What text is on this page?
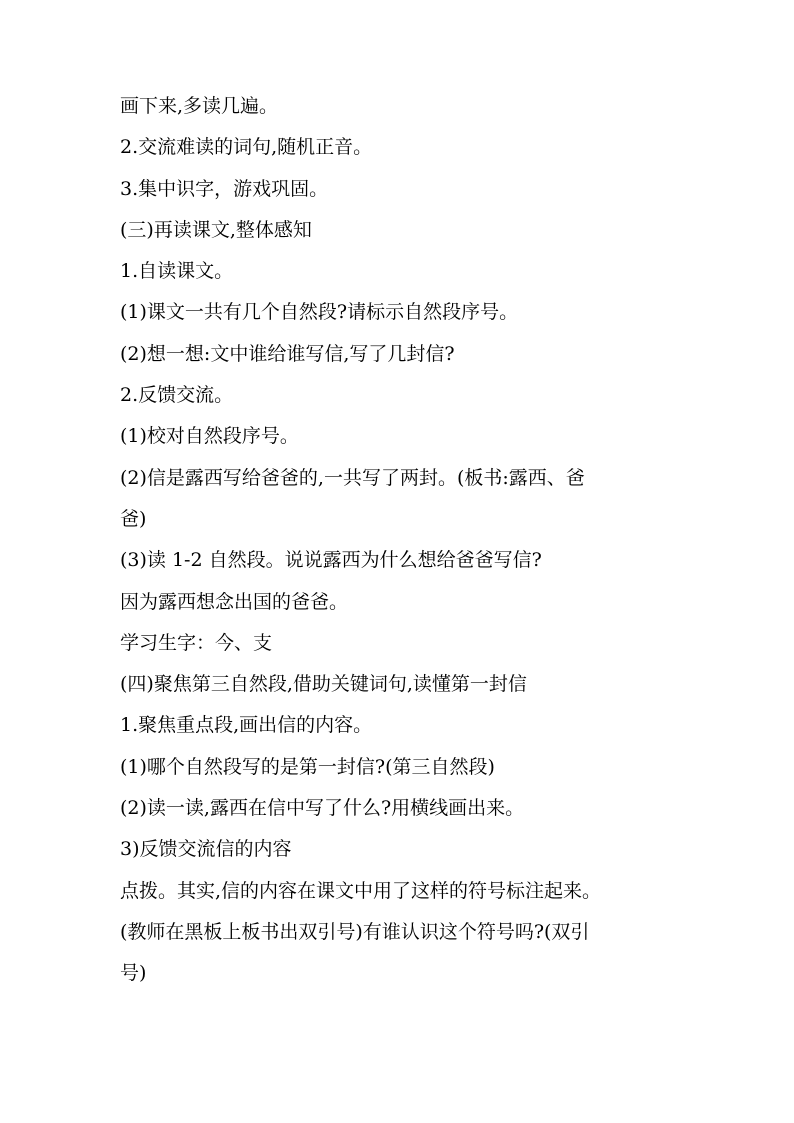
画下来,多读几遍。
2.交流难读的词句,随机正音。
3.集中识字，游戏巩固。
(三)再读课文,整体感知
1.自读课文。
(1)课文一共有几个自然段?请标示自然段序号。
(2)想一想:文中谁给谁写信,写了几封信?
2.反馈交流。
(1)校对自然段序号。
(2)信是露西写给爸爸的,一共写了两封。(板书:露西、爸
爸)
(3)读 1-2 自然段。说说露西为什么想给爸爸写信?
因为露西想念出国的爸爸。
学习生字：今、支
(四)聚焦第三自然段,借助关键词句,读懂第一封信
1.聚焦重点段,画出信的内容。
(1)哪个自然段写的是第一封信?(第三自然段)
(2)读一读,露西在信中写了什么?用横线画出来。
3)反馈交流信的内容
点拨。其实,信的内容在课文中用了这样的符号标注起来。
(教师在黑板上板书出双引号)有谁认识这个符号吗?(双引
号)
